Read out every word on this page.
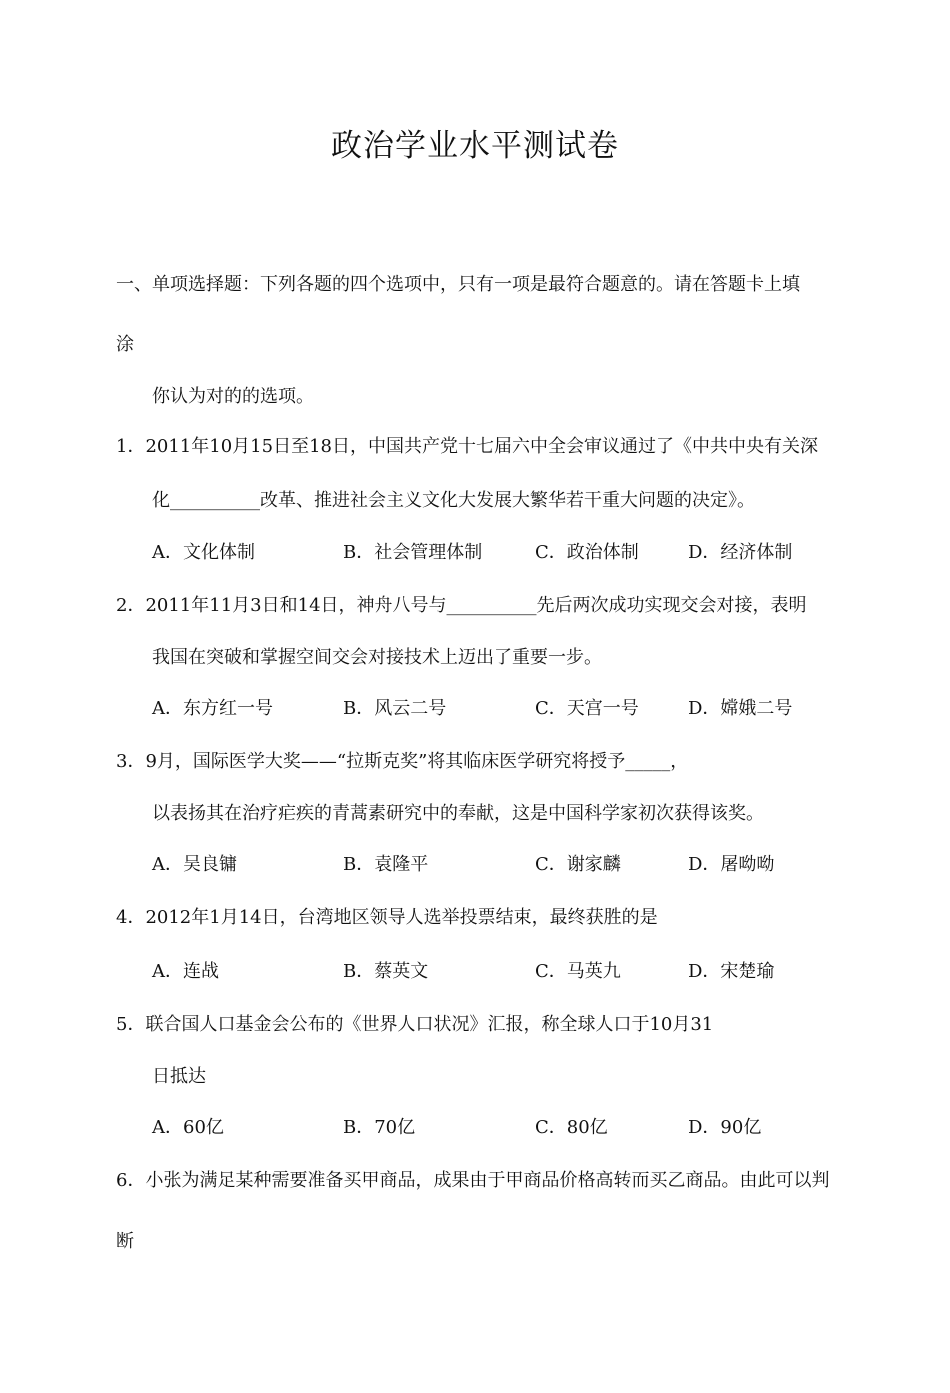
政治学业水平测试卷
一、单项选择题：下列各题的四个选项中，只有一项是最符合题意的。请在答题卡上填
涂
你认为对的的选项。
1．2011年10月15日至18日，中国共产党十七届六中全会审议通过了《中共中央有关深
化__________改革、推进社会主义文化大发展大繁华若干重大问题的决定》。
A．文化体制	B．社会管理体制	C．政治体制	D．经济体制
2．2011年11月3日和14日，神舟八号与__________先后两次成功实现交会对接，表明
我国在突破和掌握空间交会对接技术上迈出了重要一步。
A．东方红一号	B．风云二号	C．天宫一号	D．嫦娥二号
3．9月，国际医学大奖——“拉斯克奖”将其临床医学研究将授予_____，
以表扬其在治疗疟疾的青蒿素研究中的奉献，这是中国科学家初次获得该奖。
A．吴良镛	B．袁隆平	C．谢家麟	D．屠呦呦
4．2012年1月14日，台湾地区领导人选举投票结束，最终获胜的是
A．连战	B．蔡英文	C．马英九	D．宋楚瑜
5．联合国人口基金会公布的《世界人口状况》汇报，称全球人口于10月31
日抵达
A．60亿	B．70亿	C．80亿	D．90亿
6．小张为满足某种需要准备买甲商品，成果由于甲商品价格高转而买乙商品。由此可以判
断
